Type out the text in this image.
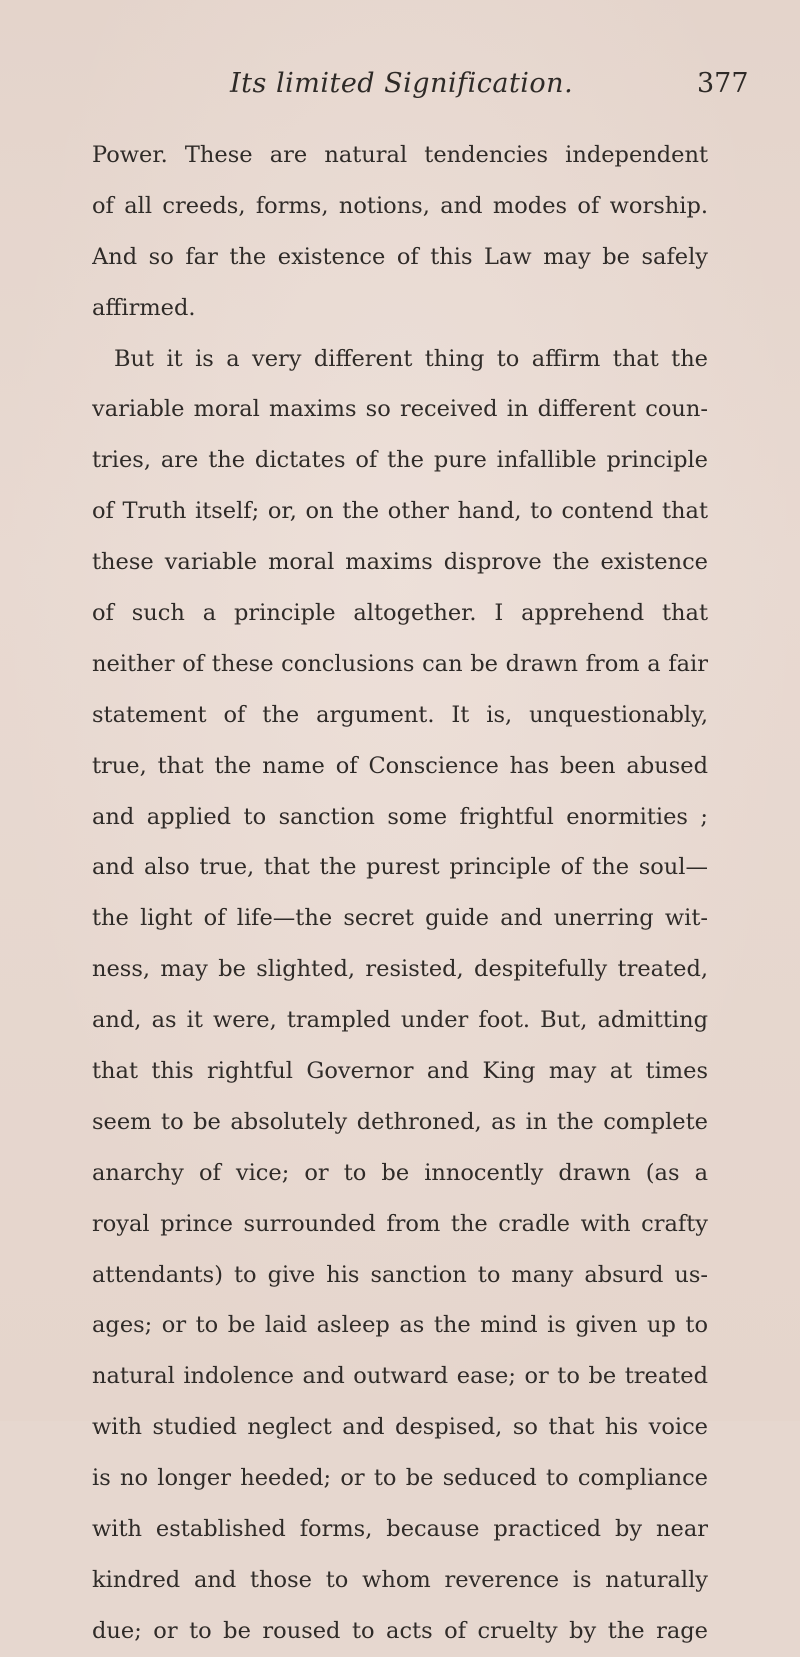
Its limited Signification.	377
Power. These are natural tendencies independent
of all creeds, forms, notions, and modes of worship.
And so far the existence of this Law may be safely
affirmed.
But it is a very different thing to affirm that the
variable moral maxims so received in different coun-
tries, are the dictates of the pure infallible principle
of Truth itself; or, on the other hand, to contend that
these variable moral maxims disprove the existence
of such a principle altogether. I apprehend that
neither of these conclusions can be drawn from a fair
statement of the argument. It is, unquestionably,
true, that the name of Conscience has been abused
and applied to sanction some frightful enormities ;
and also true, that the purest principle of the soul—
the light of life—the secret guide and unerring wit-
ness, may be slighted, resisted, despitefully treated,
and, as it were, trampled under foot. But, admitting
that this rightful Governor and King may at times
seem to be absolutely dethroned, as in the complete
anarchy of vice; or to be innocently drawn (as a
royal prince surrounded from the cradle with crafty
attendants) to give his sanction to many absurd us-
ages; or to be laid asleep as the mind is given up to
natural indolence and outward ease; or to be treated
with studied neglect and despised, so that his voice
is no longer heeded; or to be seduced to compliance
with established forms, because practiced by near
kindred and those to whom reverence is naturally
due; or to be roused to acts of cruelty by the rage
